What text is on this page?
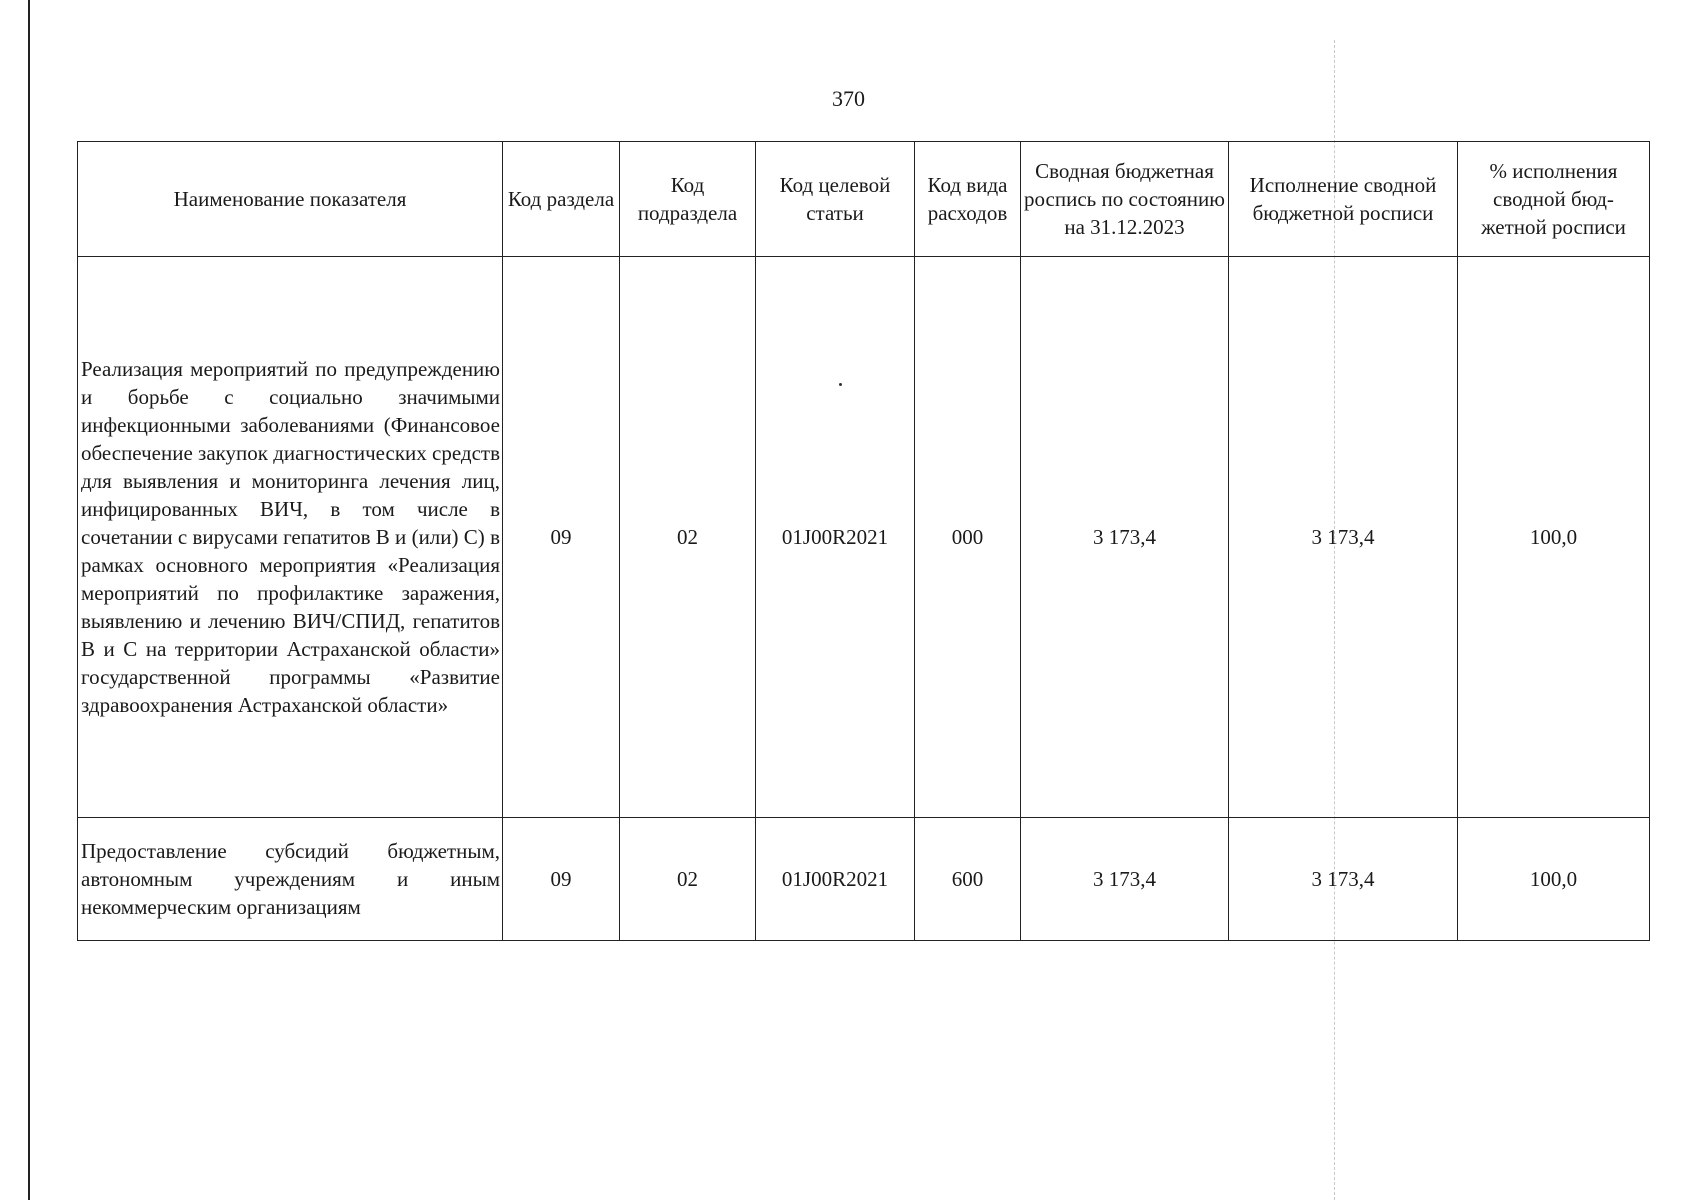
370
Наименование показателя	Код раздела	Код подраздела	Код целевой статьи	Код вида расходов	Сводная бюджетная роспись по состоянию на 31.12.2023	Исполнение сводной бюджетной росписи	% исполнения сводной бюд-жетной росписи
Реализация мероприятий по предупреждению и борьбе с социально значимыми инфекционными заболеваниями (Финансовое обеспечение закупок диагностических средств для выявления и мониторинга лечения лиц, инфицированных ВИЧ, в том числе в сочетании с вирусами гепатитов B и (или) C) в рамках основного мероприятия «Реализация мероприятий по профилактике заражения, выявлению и лечению ВИЧ/СПИД, гепатитов B и C на территории Астраханской области» государственной программы «Развитие здравоохранения Астраханской области»	09	02	01J00R2021	000	3 173,4	3 173,4	100,0
Предоставление субсидий бюджетным, автономным учреждениям и иным некоммерческим организациям	09	02	01J00R2021	600	3 173,4	3 173,4	100,0
